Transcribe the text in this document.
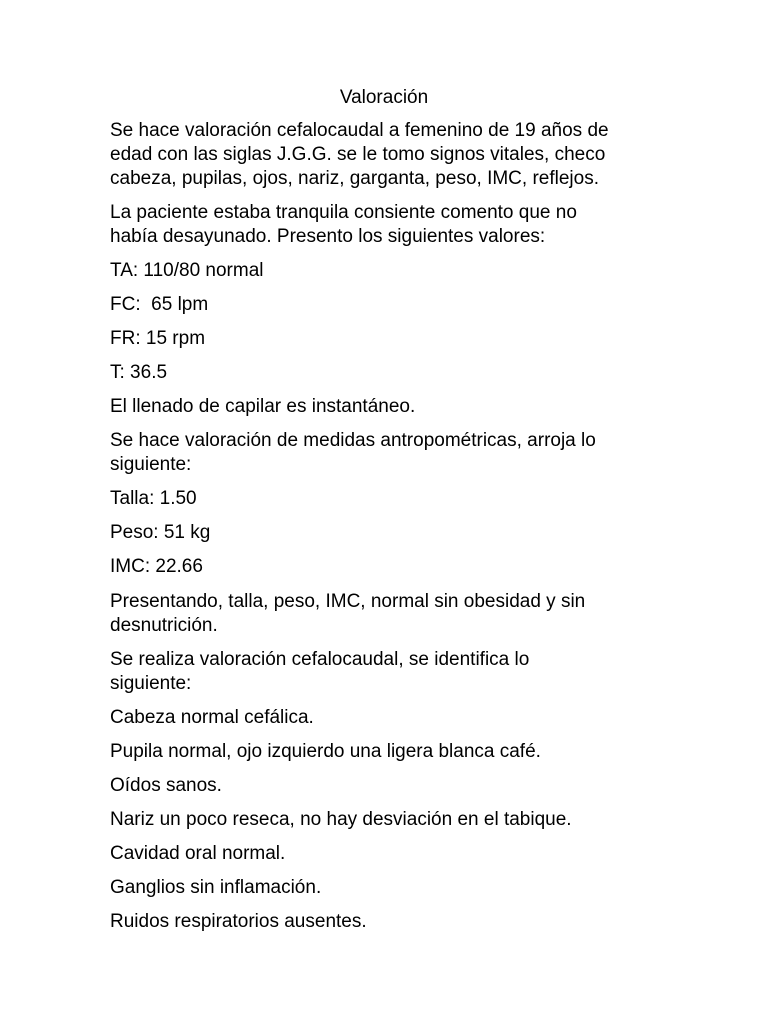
Valoración

Se hace valoración cefalocaudal a femenino de 19 años de
edad con las siglas J.G.G. se le tomo signos vitales, checo
cabeza, pupilas, ojos, nariz, garganta, peso, IMC, reflejos.

La paciente estaba tranquila consiente comento que no
había desayunado. Presento los siguientes valores:

TA: 110/80 normal

FC:  65 lpm

FR: 15 rpm

T: 36.5

El llenado de capilar es instantáneo.

Se hace valoración de medidas antropométricas, arroja lo
siguiente:

Talla: 1.50

Peso: 51 kg

IMC: 22.66

Presentando, talla, peso, IMC, normal sin obesidad y sin
desnutrición.

Se realiza valoración cefalocaudal, se identifica lo
siguiente:

Cabeza normal cefálica.

Pupila normal, ojo izquierdo una ligera blanca café.

Oídos sanos.

Nariz un poco reseca, no hay desviación en el tabique.

Cavidad oral normal.

Ganglios sin inflamación.

Ruidos respiratorios ausentes.
